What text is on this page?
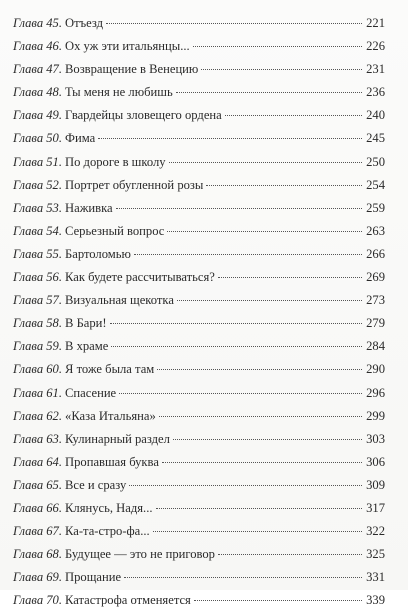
Глава 45. Отъезд	221
Глава 46. Ох уж эти итальянцы...	226
Глава 47. Возвращение в Венецию	231
Глава 48. Ты меня не любишь	236
Глава 49. Гвардейцы зловещего ордена	240
Глава 50. Фима	245
Глава 51. По дороге в школу	250
Глава 52. Портрет обугленной розы	254
Глава 53. Наживка	259
Глава 54. Серьезный вопрос	263
Глава 55. Бартоломью	266
Глава 56. Как будете рассчитываться?	269
Глава 57. Визуальная щекотка	273
Глава 58. В Бари!	279
Глава 59. В храме	284
Глава 60. Я тоже была там	290
Глава 61. Спасение	296
Глава 62. «Каза Итальяна»	299
Глава 63. Кулинарный раздел	303
Глава 64. Пропавшая буква	306
Глава 65. Все и сразу	309
Глава 66. Клянусь, Надя...	317
Глава 67. Ка-та-стро-фа...	322
Глава 68. Будущее — это не приговор	325
Глава 69. Прощание	331
Глава 70. Катастрофа отменяется	339
